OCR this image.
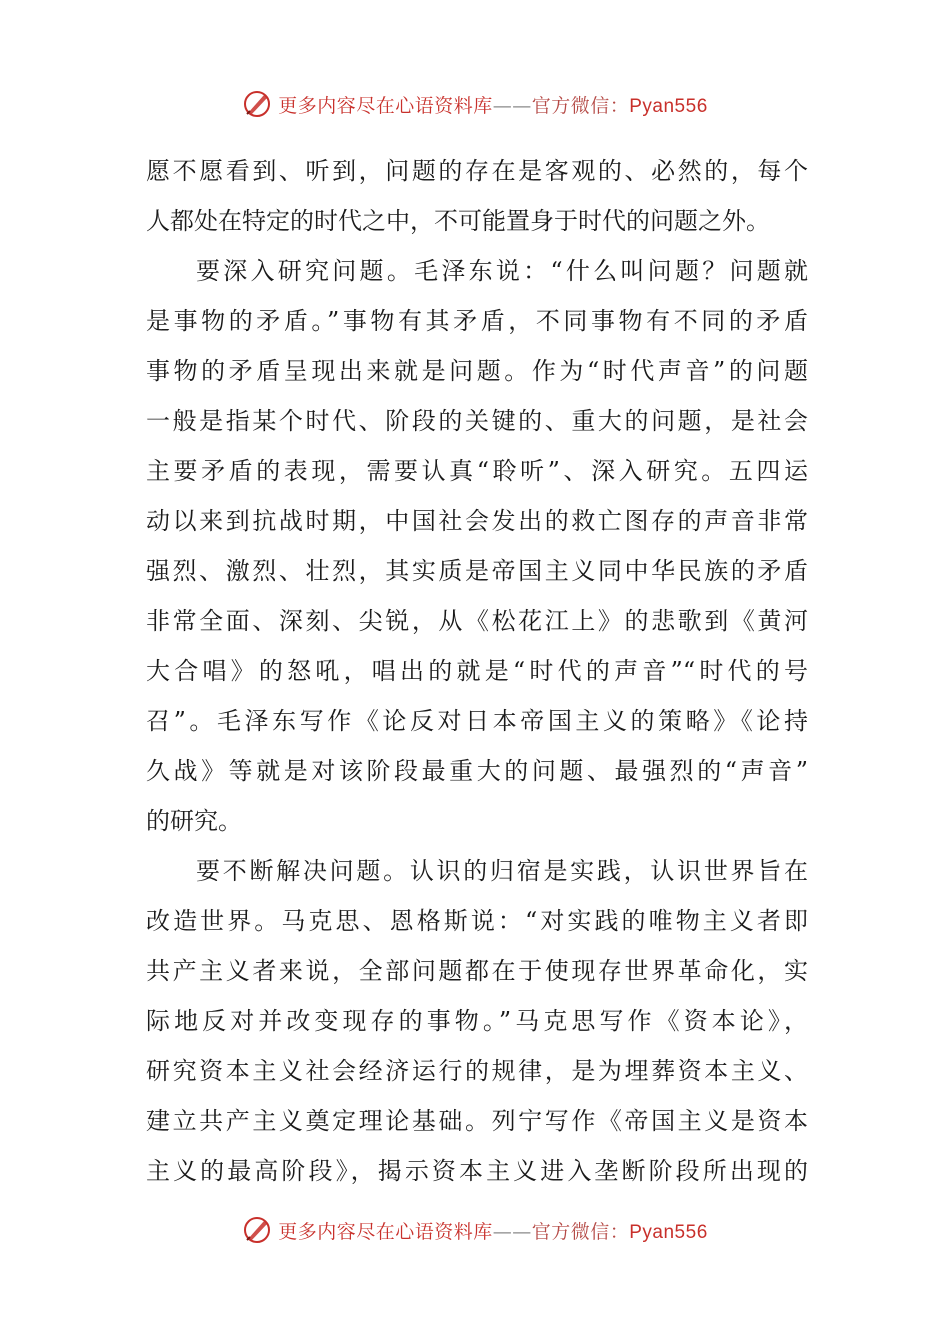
更多内容尽在心语资料库——官方微信：Pyan556
愿不愿看到、听到，问题的存在是客观的、必然的，每个
人都处在特定的时代之中，不可能置身于时代的问题之外。
要深入研究问题。毛泽东说：“什么叫问题？问题就
是事物的矛盾。”事物有其矛盾，不同事物有不同的矛盾
事物的矛盾呈现出来就是问题。作为“时代声音”的问题
一般是指某个时代、阶段的关键的、重大的问题，是社会
主要矛盾的表现，需要认真“聆听”、深入研究。五四运
动以来到抗战时期，中国社会发出的救亡图存的声音非常
强烈、激烈、壮烈，其实质是帝国主义同中华民族的矛盾
非常全面、深刻、尖锐，从《松花江上》的悲歌到《黄河
大合唱》的怒吼，唱出的就是“时代的声音”“时代的号
召”。毛泽东写作《论反对日本帝国主义的策略》《论持
久战》等就是对该阶段最重大的问题、最强烈的“声音”
的研究。
要不断解决问题。认识的归宿是实践，认识世界旨在
改造世界。马克思、恩格斯说：“对实践的唯物主义者即
共产主义者来说，全部问题都在于使现存世界革命化，实
际地反对并改变现存的事物。”马克思写作《资本论》，
研究资本主义社会经济运行的规律，是为埋葬资本主义、
建立共产主义奠定理论基础。列宁写作《帝国主义是资本
主义的最高阶段》，揭示资本主义进入垄断阶段所出现的
更多内容尽在心语资料库——官方微信：Pyan556
